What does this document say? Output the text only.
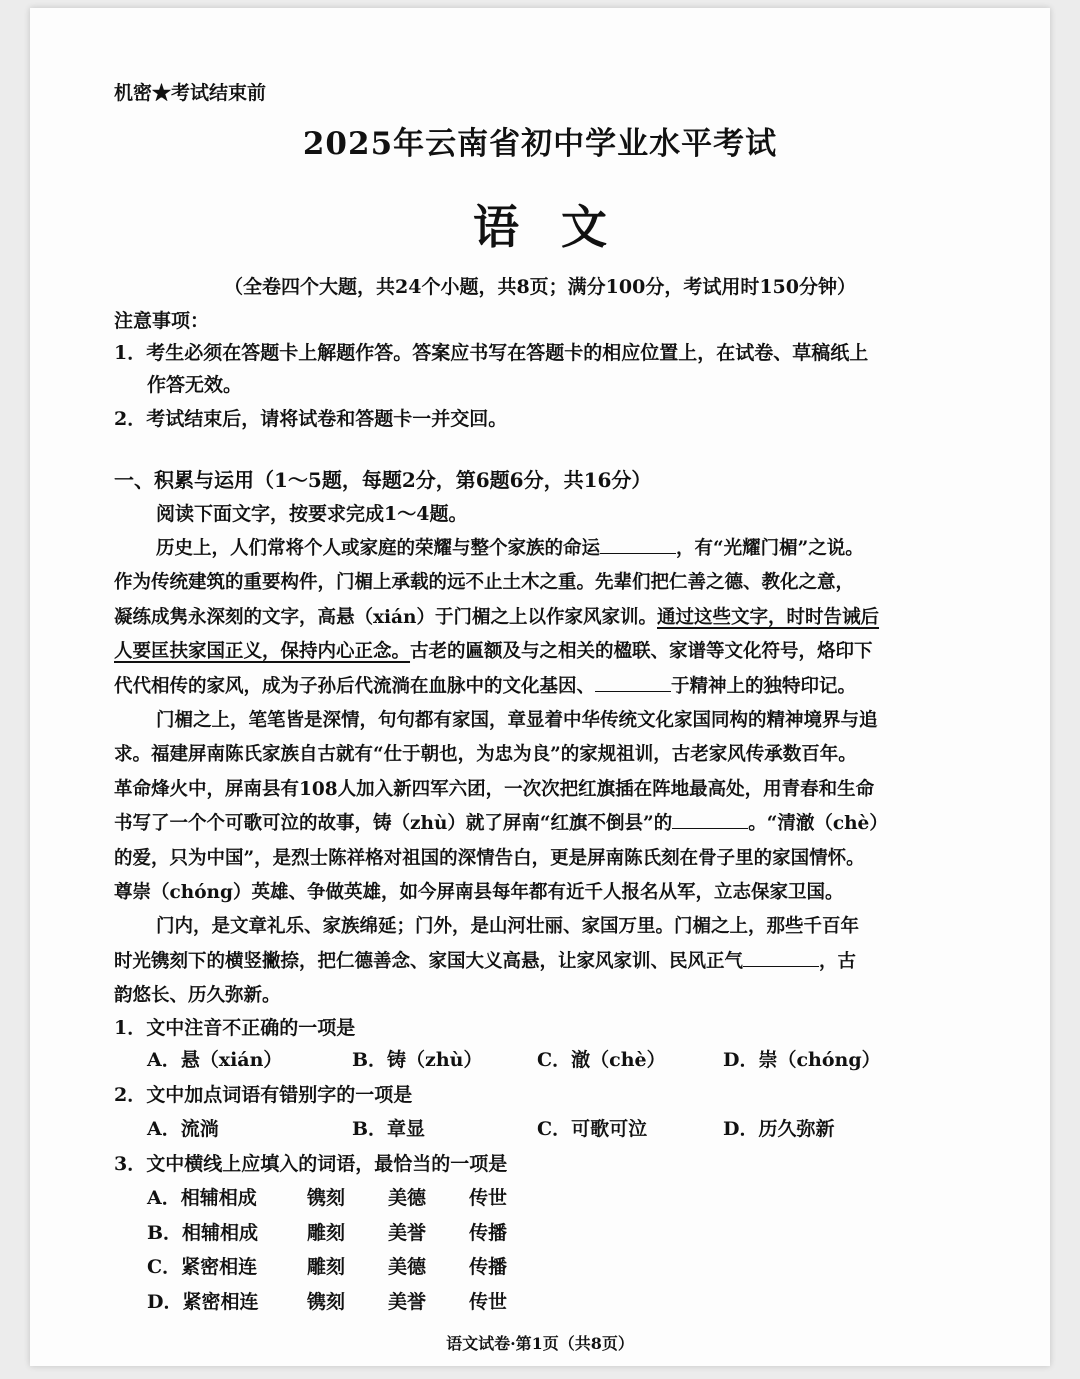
机密★考试结束前
2025年云南省初中学业水平考试
语文
（全卷四个大题，共24个小题，共8页；满分100分，考试用时150分钟）
注意事项：
1．考生必须在答题卡上解题作答。答案应书写在答题卡的相应位置上，在试卷、草稿纸上
作答无效。
2．考试结束后，请将试卷和答题卡一并交回。
一、积累与运用（1～5题，每题2分，第6题6分，共16分）
阅读下面文字，按要求完成1～4题。
历史上，人们常将个人或家庭的荣耀与整个家族的命运	，有“光耀门楣”之说。
作为传统建筑的重要构件，门楣上承载的远不止土木之重。先辈们把仁善之德、教化之意，
凝练成隽永深刻的文字，高悬（xián）于门楣之上以作家风家训。通过这些文字，时时告诫后
人要匡扶家国正义，保持内心正念。古老的匾额及与之相关的楹联、家谱等文化符号，烙印下
代代相传的家风，成为子孙后代流淌在血脉中的文化基因、	于精神上的独特印记。
门楣之上，笔笔皆是深情，句句都有家国，章显着中华传统文化家国同构的精神境界与追
求。福建屏南陈氏家族自古就有“仕于朝也，为忠为良”的家规祖训，古老家风传承数百年。
革命烽火中，屏南县有108人加入新四军六团，一次次把红旗插在阵地最高处，用青春和生命
书写了一个个可歌可泣的故事，铸（zhù）就了屏南“红旗不倒县”的	。“清澈（chè）
的爱，只为中国”，是烈士陈祥格对祖国的深情告白，更是屏南陈氏刻在骨子里的家国情怀。
尊崇（chóng）英雄、争做英雄，如今屏南县每年都有近千人报名从军，立志保家卫国。
门内，是文章礼乐、家族绵延；门外，是山河壮丽、家国万里。门楣之上，那些千百年
时光镌刻下的横竖撇捺，把仁德善念、家国大义高悬，让家风家训、民风正气	，古
韵悠长、历久弥新。
1．文中注音不正确的一项是
A．悬（xián）	B．铸（zhù）	C．澈（chè）	D．崇（chóng）
2．文中加点词语有错别字的一项是
A．流淌	B．章显	C．可歌可泣	D．历久弥新
3．文中横线上应填入的词语，最恰当的一项是
A．相辅相成	镌刻 美德 传世
B．相辅相成	雕刻 美誉 传播
C．紧密相连	雕刻 美德 传播
D．紧密相连	镌刻 美誉 传世
语文试卷·第1页（共8页）
